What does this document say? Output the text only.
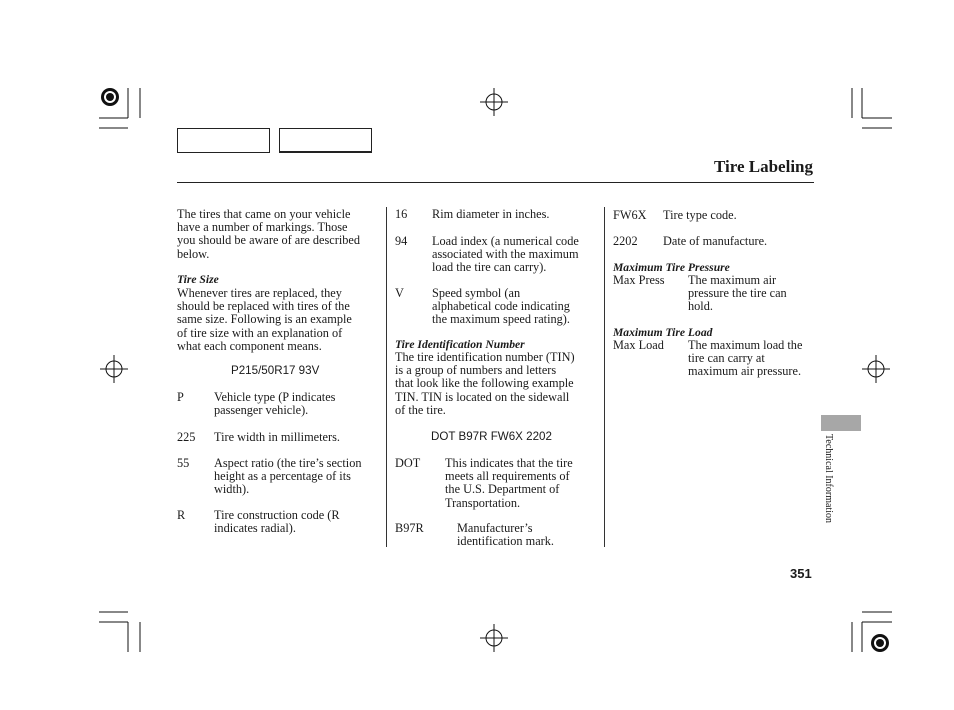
Tire Labeling
The tires that came on your vehicle
have a number of markings. Those
you should be aware of are described
below.
Tire Size
Whenever tires are replaced, they
should be replaced with tires of the
same size. Following is an example
of tire size with an explanation of
what each component means.
P215/50R17 93V
P Vehicle type (P indicates
passenger vehicle).
225 Tire width in millimeters.
55 Aspect ratio (the tire’s section
height as a percentage of its
width).
R Tire construction code (R
indicates radial).
16 Rim diameter in inches.
94 Load index (a numerical code
associated with the maximum
load the tire can carry).
V Speed symbol (an
alphabetical code indicating
the maximum speed rating).
Tire Identification Number
The tire identification number (TIN)
is a group of numbers and letters
that look like the following example
TIN. TIN is located on the sidewall
of the tire.
DOT B97R FW6X 2202
DOT This indicates that the tire
meets all requirements of
the U.S. Department of
Transportation.
B97R	Manufacturer’s
identification mark.
FW6X Tire type code.
2202 Date of manufacture.
Maximum Tire Pressure
Max Press The maximum air
pressure the tire can
hold.
Maximum Tire Load
Max Load The maximum load the
tire can carry at
maximum air pressure.
Technical Information
351
